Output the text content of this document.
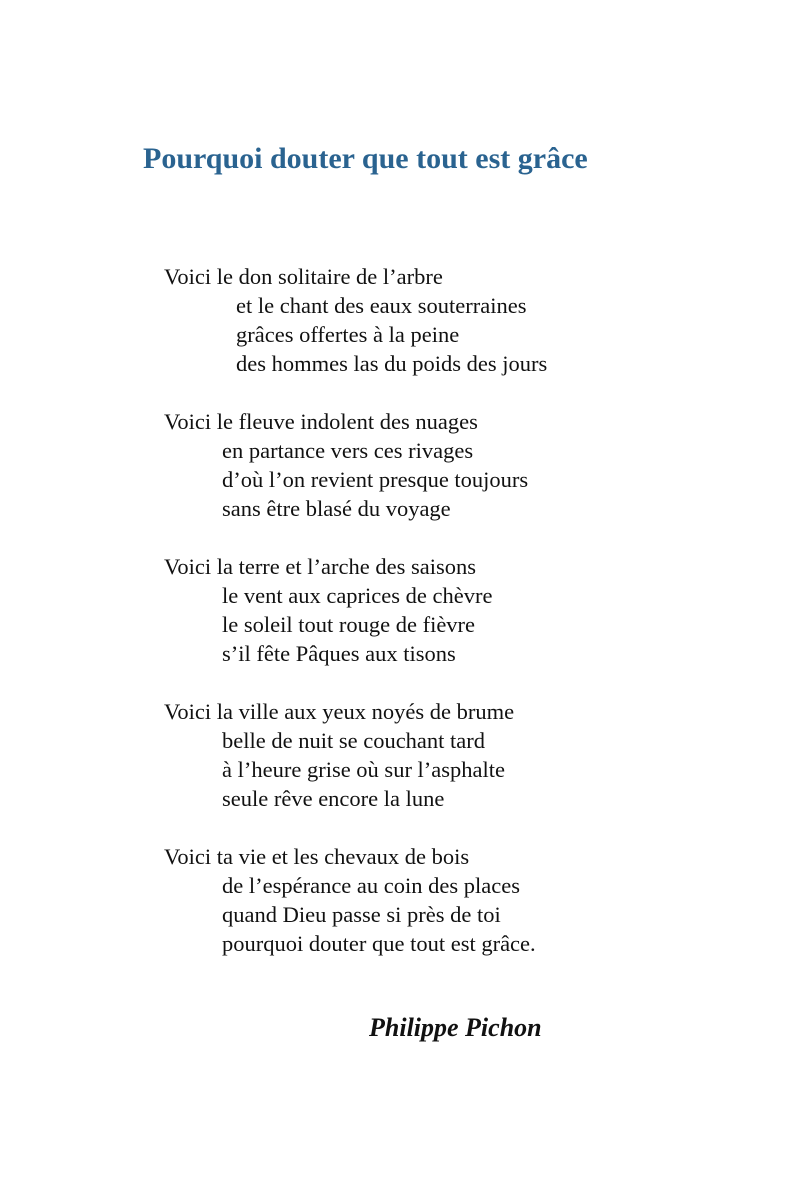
Pourquoi douter que tout est grâce
Voici le don solitaire de l’arbre
et le chant des eaux souterraines
grâces offertes à la peine
des hommes las du poids des jours
Voici le fleuve indolent des nuages
en partance vers ces rivages
d’où l’on revient presque toujours
sans être blasé du voyage
Voici la terre et l’arche des saisons
le vent aux caprices de chèvre
le soleil tout rouge de fièvre
s’il fête Pâques aux tisons
Voici la ville aux yeux noyés de brume
belle de nuit se couchant tard
à l’heure grise où sur l’asphalte
seule rêve encore la lune
Voici ta vie et les chevaux de bois
de l’espérance au coin des places
quand Dieu passe si près de toi
pourquoi douter que tout est grâce.

Philippe Pichon
